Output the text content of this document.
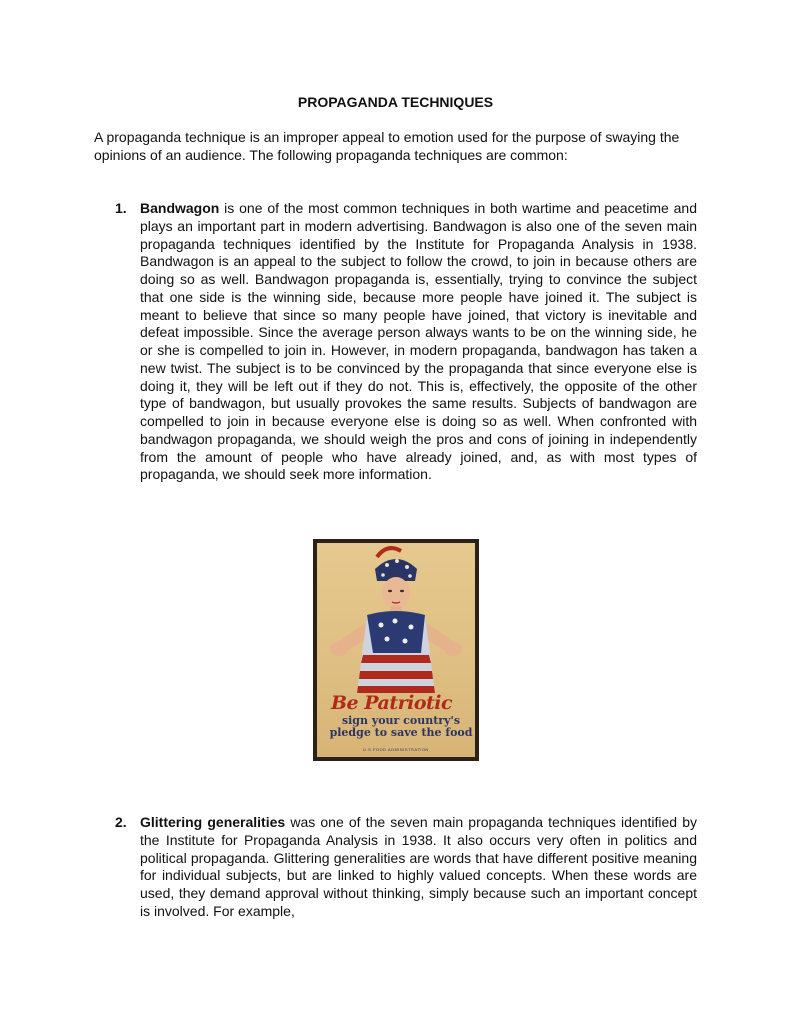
PROPAGANDA TECHNIQUES
A propaganda technique is an improper appeal to emotion used for the purpose of swaying the opinions of an audience. The following propaganda techniques are common:
1. Bandwagon is one of the most common techniques in both wartime and peacetime and plays an important part in modern advertising. Bandwagon is also one of the seven main propaganda techniques identified by the Institute for Propaganda Analysis in 1938. Bandwagon is an appeal to the subject to follow the crowd, to join in because others are doing so as well. Bandwagon propaganda is, essentially, trying to convince the subject that one side is the winning side, because more people have joined it. The subject is meant to believe that since so many people have joined, that victory is inevitable and defeat impossible. Since the average person always wants to be on the winning side, he or she is compelled to join in. However, in modern propaganda, bandwagon has taken a new twist. The subject is to be convinced by the propaganda that since everyone else is doing it, they will be left out if they do not. This is, effectively, the opposite of the other type of bandwagon, but usually provokes the same results. Subjects of bandwagon are compelled to join in because everyone else is doing so as well. When confronted with bandwagon propaganda, we should weigh the pros and cons of joining in independently from the amount of people who have already joined, and, as with most types of propaganda, we should seek more information.
Be Patriotic
sign your country's
pledge to save the food
U.S.FOOD ADMINISTRATION
2. Glittering generalities was one of the seven main propaganda techniques identified by the Institute for Propaganda Analysis in 1938. It also occurs very often in politics and political propaganda. Glittering generalities are words that have different positive meaning for individual subjects, but are linked to highly valued concepts. When these words are used, they demand approval without thinking, simply because such an important concept is involved. For example,
